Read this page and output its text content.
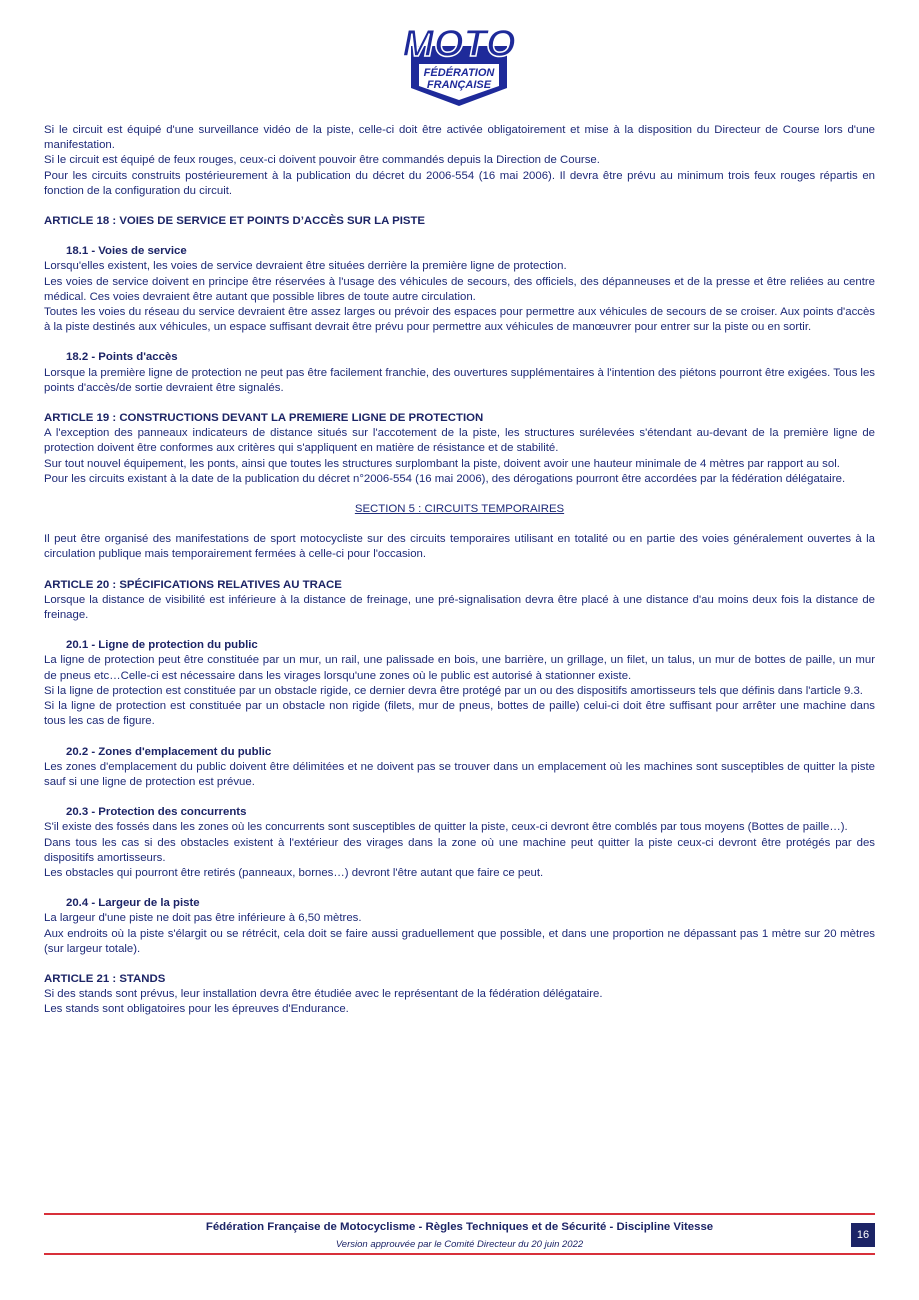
MOTO
FÉDÉRATION
FRANÇAISE

Si le circuit est équipé d'une surveillance vidéo de la piste, celle-ci doit être activée obligatoirement et mise à la disposition du Directeur de Course lors d'une manifestation.

Si le circuit est équipé de feux rouges, ceux-ci doivent pouvoir être commandés depuis la Direction de Course.

Pour les circuits construits postérieurement à la publication du décret du 2006-554 (16 mai 2006). Il devra être prévu au minimum trois feux rouges répartis en fonction de la configuration du circuit.

ARTICLE 18 : VOIES DE SERVICE ET POINTS D’ACCÈS SUR LA PISTE

18.1 - Voies de service

Lorsqu'elles existent, les voies de service devraient être situées derrière la première ligne de protection.

Les voies de service doivent en principe être réservées à l'usage des véhicules de secours, des officiels, des dépanneuses et de la presse et être reliées au centre médical. Ces voies devraient être autant que possible libres de toute autre circulation.

Toutes les voies du réseau du service devraient être assez larges ou prévoir des espaces pour permettre aux véhicules de secours de se croiser. Aux points d'accès à la piste destinés aux véhicules, un espace suffisant devrait être prévu pour permettre aux véhicules de manœuvrer pour entrer sur la piste ou en sortir.

18.2 - Points d'accès

Lorsque la première ligne de protection ne peut pas être facilement franchie, des ouvertures supplémentaires à l'intention des piétons pourront être exigées. Tous les points d'accès/de sortie devraient être signalés.

ARTICLE 19 : CONSTRUCTIONS DEVANT LA PREMIERE LIGNE DE PROTECTION

A l'exception des panneaux indicateurs de distance situés sur l'accotement de la piste, les structures surélevées s'étendant au-devant de la première ligne de protection doivent être conformes aux critères qui s'appliquent en matière de résistance et de stabilité.

Sur tout nouvel équipement, les ponts, ainsi que toutes les structures surplombant la piste, doivent avoir une hauteur minimale de 4 mètres par rapport au sol.

Pour les circuits existant à la date de la publication du décret n°2006-554 (16 mai 2006), des dérogations pourront être accordées par la fédération délégataire.

SECTION 5 : CIRCUITS TEMPORAIRES

Il peut être organisé des manifestations de sport motocycliste sur des circuits temporaires utilisant en totalité ou en partie des voies généralement ouvertes à la circulation publique mais temporairement fermées à celle-ci pour l'occasion.

ARTICLE 20 : SPÉCIFICATIONS RELATIVES AU TRACE

Lorsque la distance de visibilité est inférieure à la distance de freinage, une pré-signalisation devra être placé à une distance d'au moins deux fois la distance de freinage.

20.1 - Ligne de protection du public

La ligne de protection peut être constituée par un mur, un rail, une palissade en bois, une barrière, un grillage, un filet, un talus, un mur de bottes de paille, un mur de pneus etc…Celle-ci est nécessaire dans les virages lorsqu'une zones où le public est autorisé à stationner existe.

Si la ligne de protection est constituée par un obstacle rigide, ce dernier devra être protégé par un ou des dispositifs amortisseurs tels que définis dans l'article 9.3.

Si la ligne de protection est constituée par un obstacle non rigide (filets, mur de pneus, bottes de paille) celui-ci doit être suffisant pour arrêter une machine dans tous les cas de figure.

20.2 - Zones d'emplacement du public

Les zones d'emplacement du public doivent être délimitées et ne doivent pas se trouver dans un emplacement où les machines sont susceptibles de quitter la piste sauf si une ligne de protection est prévue.

20.3 - Protection des concurrents

S'il existe des fossés dans les zones où les concurrents sont susceptibles de quitter la piste, ceux-ci devront être comblés par tous moyens (Bottes de paille…).

Dans tous les cas si des obstacles existent à l'extérieur des virages dans la zone où une machine peut quitter la piste ceux-ci devront être protégés par des dispositifs amortisseurs.

Les obstacles qui pourront être retirés (panneaux, bornes…) devront l'être autant que faire ce peut.

20.4 - Largeur de la piste

La largeur d'une piste ne doit pas être inférieure à 6,50 mètres.

Aux endroits où la piste s'élargit ou se rétrécit, cela doit se faire aussi graduellement que possible, et dans une proportion ne dépassant pas 1 mètre sur 20 mètres (sur largeur totale).

ARTICLE 21 : STANDS

Si des stands sont prévus, leur installation devra être étudiée avec le représentant de la fédération délégataire.

Les stands sont obligatoires pour les épreuves d'Endurance.

Fédération Française de Motocyclisme - Règles Techniques et de Sécurité - Discipline Vitesse
Version approuvée par le Comité Directeur du 20 juin 2022
16
